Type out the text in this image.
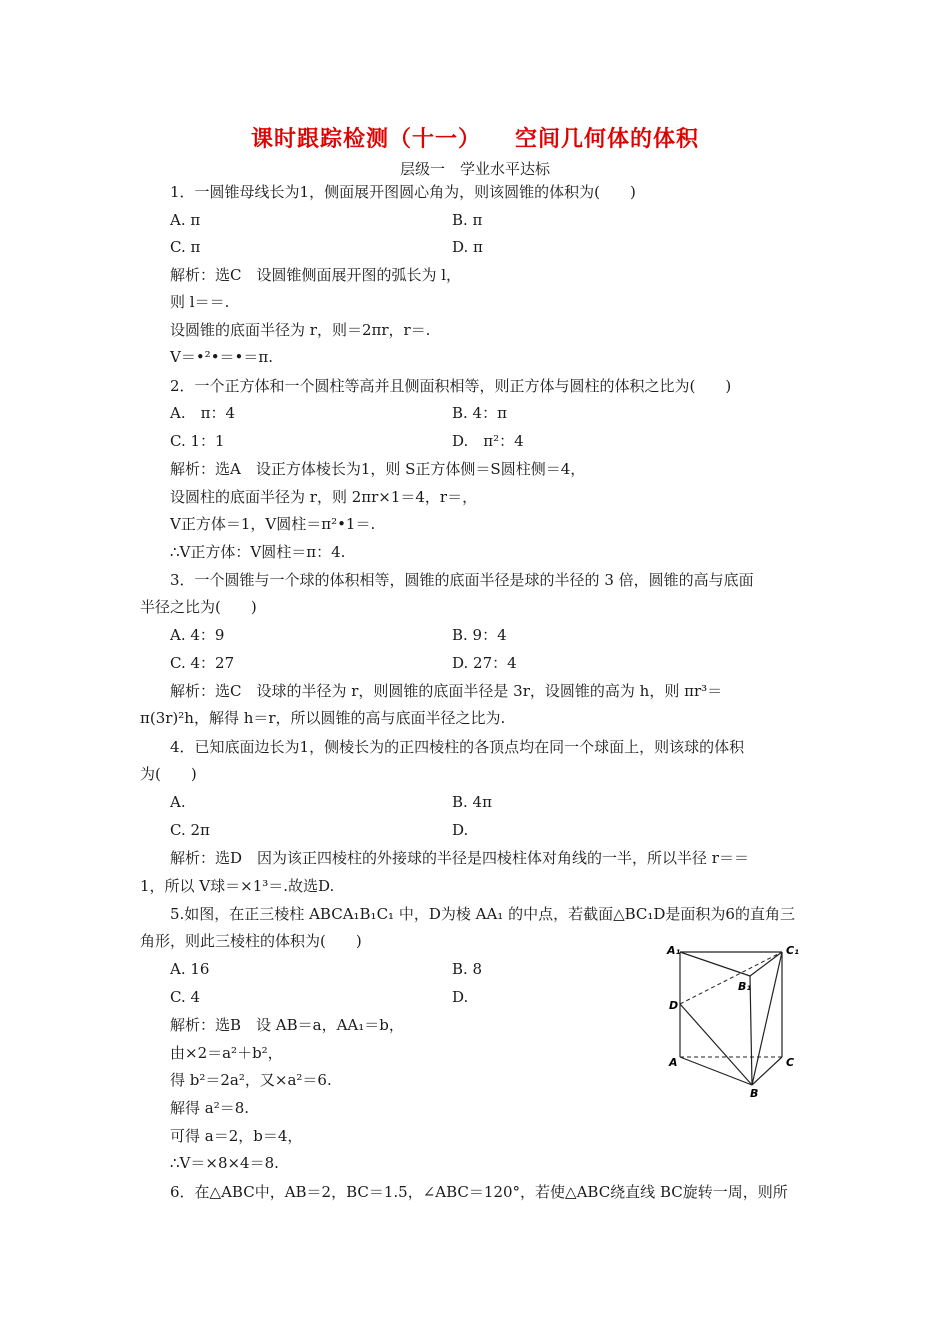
课时跟踪检测（十一） 空间几何体的体积
层级一　学业水平达标
1．一圆锥母线长为1，侧面展开图圆心角为，则该圆锥的体积为(　　)
A. π	B. π
C. π	D. π
解析：选C　设圆锥侧面展开图的弧长为 l，
则 l＝＝.
设圆锥的底面半径为 r，则＝2πr，r＝.
V＝•²•＝•＝π.
2．一个正方体和一个圆柱等高并且侧面积相等，则正方体与圆柱的体积之比为(　　)
A.　π：4	B. 4：π
C. 1：1	D.　π²：4
解析：选A　设正方体棱长为1，则 S正方体侧＝S圆柱侧＝4，
设圆柱的底面半径为 r，则 2πr×1＝4，r＝，
V正方体＝1，V圆柱＝π²•1＝.
∴V正方体：V圆柱＝π：4.
3．一个圆锥与一个球的体积相等，圆锥的底面半径是球的半径的 3 倍，圆锥的高与底面
半径之比为(　　)
A. 4：9	B. 9：4
C. 4：27	D. 27：4
解析：选C　设球的半径为 r，则圆锥的底面半径是 3r，设圆锥的高为 h，则 πr³＝
π(3r)²h，解得 h＝r，所以圆锥的高与底面半径之比为.
4．已知底面边长为1，侧棱长为的正四棱柱的各顶点均在同一个球面上，则该球的体积
为(　　)
A.	B. 4π
C. 2π	D.
解析：选D　因为该正四棱柱的外接球的半径是四棱柱体对角线的一半，所以半径 r＝＝
1，所以 V球＝×1³＝.故选D.
5.如图，在正三棱柱 ABCA₁B₁C₁ 中，D为棱 AA₁ 的中点，若截面△BC₁D是面积为6的直角三
角形，则此三棱柱的体积为(　　)
A. 16	B. 8
C. 4	D.
解析：选B　设 AB＝a，AA₁＝b，
由×2＝a²＋b²，
得 b²＝2a²，又×a²＝6.
解得 a²＝8.
可得 a＝2，b＝4，
∴V＝×8×4＝8.
A₁	C₁
B₁
D
A	C
B
6．在△ABC中，AB＝2，BC＝1.5，∠ABC＝120°，若使△ABC绕直线 BC旋转一周，则所
